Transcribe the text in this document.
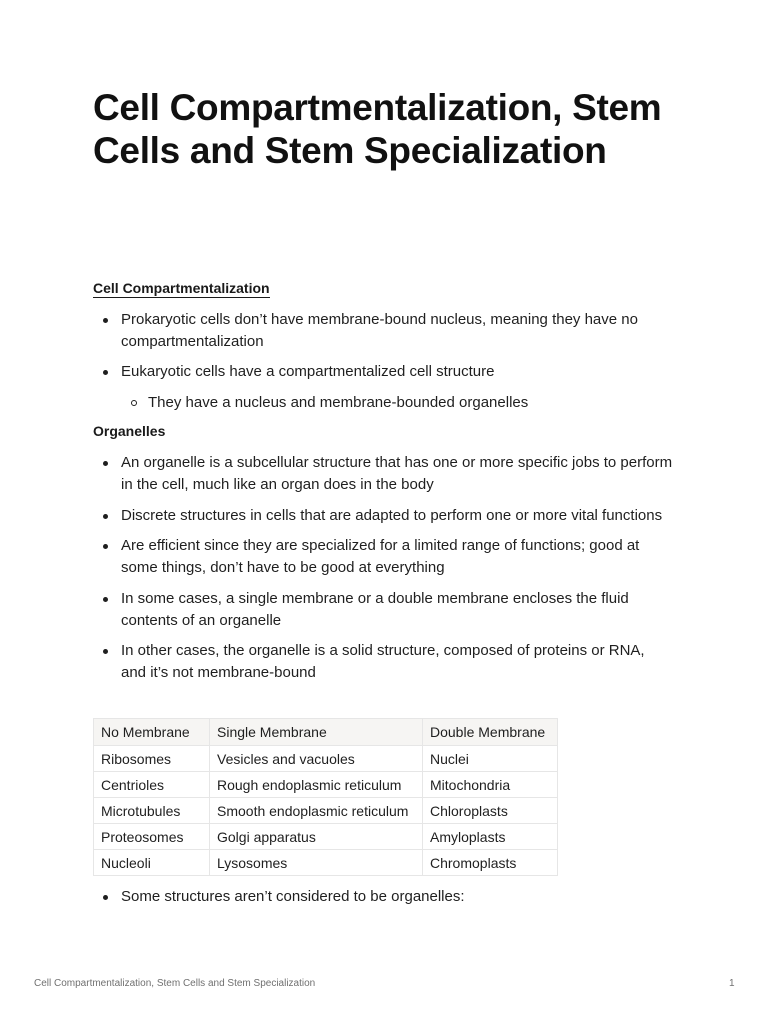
Cell Compartmentalization, Stem Cells and Stem Specialization
Cell Compartmentalization
Prokaryotic cells don’t have membrane-bound nucleus, meaning they have no compartmentalization
Eukaryotic cells have a compartmentalized cell structure
They have a nucleus and membrane-bounded organelles
Organelles
An organelle is a subcellular structure that has one or more specific jobs to perform in the cell, much like an organ does in the body
Discrete structures in cells that are adapted to perform one or more vital functions
Are efficient since they are specialized for a limited range of functions; good at some things, don’t have to be good at everything
In some cases, a single membrane or a double membrane encloses the fluid contents of an organelle
In other cases, the organelle is a solid structure, composed of proteins or RNA, and it’s not membrane-bound
No Membrane	Single Membrane	Double Membrane
Ribosomes	Vesicles and vacuoles	Nuclei
Centrioles	Rough endoplasmic reticulum	Mitochondria
Microtubules	Smooth endoplasmic reticulum	Chloroplasts
Proteosomes	Golgi apparatus	Amyloplasts
Nucleoli	Lysosomes	Chromoplasts
Some structures aren’t considered to be organelles:
Cell Compartmentalization, Stem Cells and Stem Specialization	1
